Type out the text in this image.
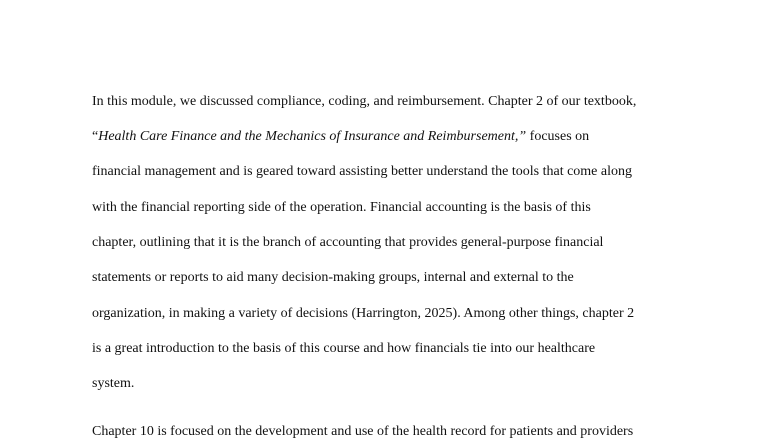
In this module, we discussed compliance, coding, and reimbursement. Chapter 2 of our textbook,
“Health Care Finance and the Mechanics of Insurance and Reimbursement,” focuses on
financial management and is geared toward assisting better understand the tools that come along
with the financial reporting side of the operation. Financial accounting is the basis of this
chapter, outlining that it is the branch of accounting that provides general-purpose financial
statements or reports to aid many decision-making groups, internal and external to the
organization, in making a variety of decisions (Harrington, 2025). Among other things, chapter 2
is a great introduction to the basis of this course and how financials tie into our healthcare
system.
Chapter 10 is focused on the development and use of the health record for patients and providers
